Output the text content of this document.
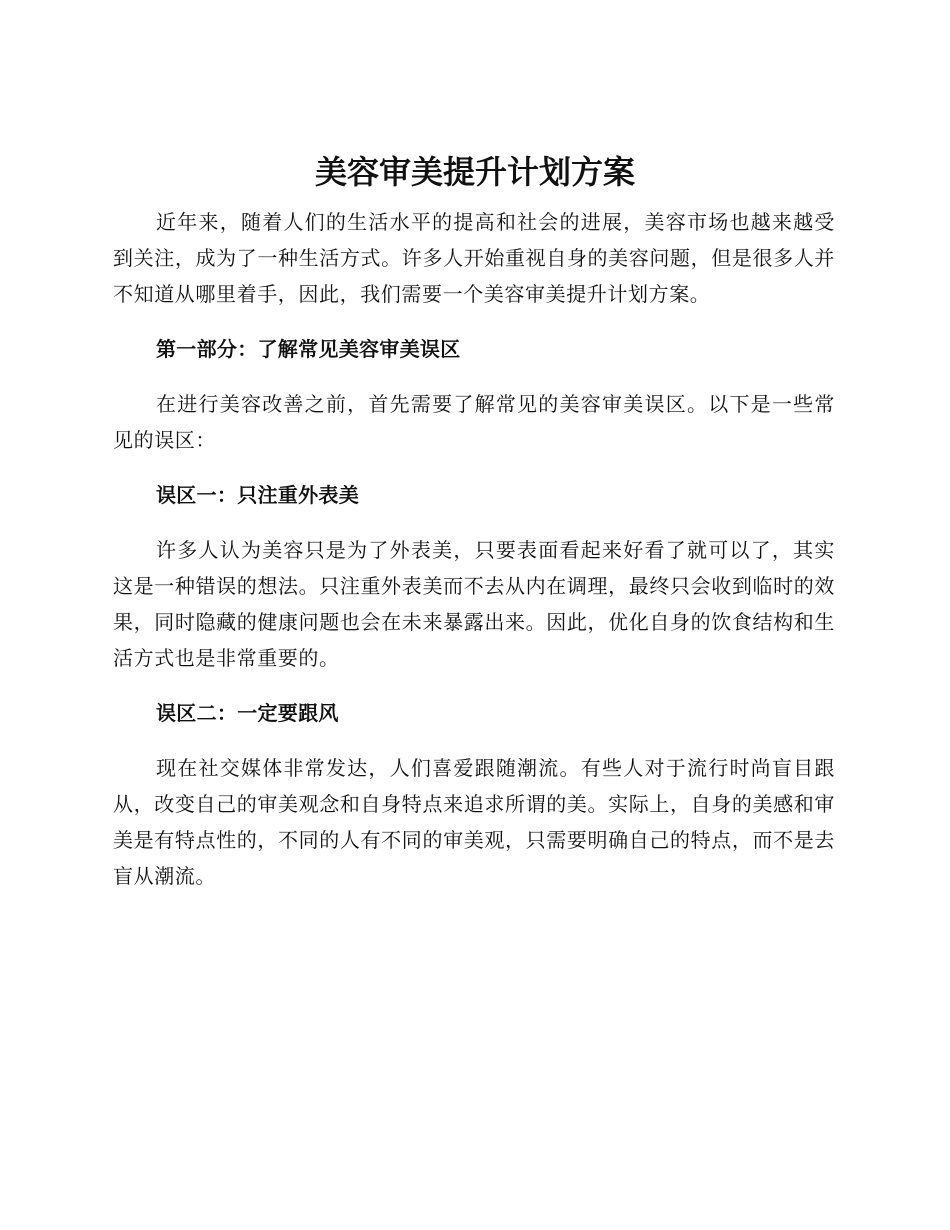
美容审美提升计划方案

近年来，随着人们的生活水平的提高和社会的进展，美容市场也越来越受到关注，成为了一种生活方式。许多人开始重视自身的美容问题，但是很多人并不知道从哪里着手，因此，我们需要一个美容审美提升计划方案。

第一部分：了解常见美容审美误区

在进行美容改善之前，首先需要了解常见的美容审美误区。以下是一些常见的误区：

误区一：只注重外表美

许多人认为美容只是为了外表美，只要表面看起来好看了就可以了，其实这是一种错误的想法。只注重外表美而不去从内在调理，最终只会收到临时的效果，同时隐藏的健康问题也会在未来暴露出来。因此，优化自身的饮食结构和生活方式也是非常重要的。

误区二：一定要跟风

现在社交媒体非常发达，人们喜爱跟随潮流。有些人对于流行时尚盲目跟从，改变自己的审美观念和自身特点来追求所谓的美。实际上，自身的美感和审美是有特点性的，不同的人有不同的审美观，只需要明确自己的特点，而不是去盲从潮流。
